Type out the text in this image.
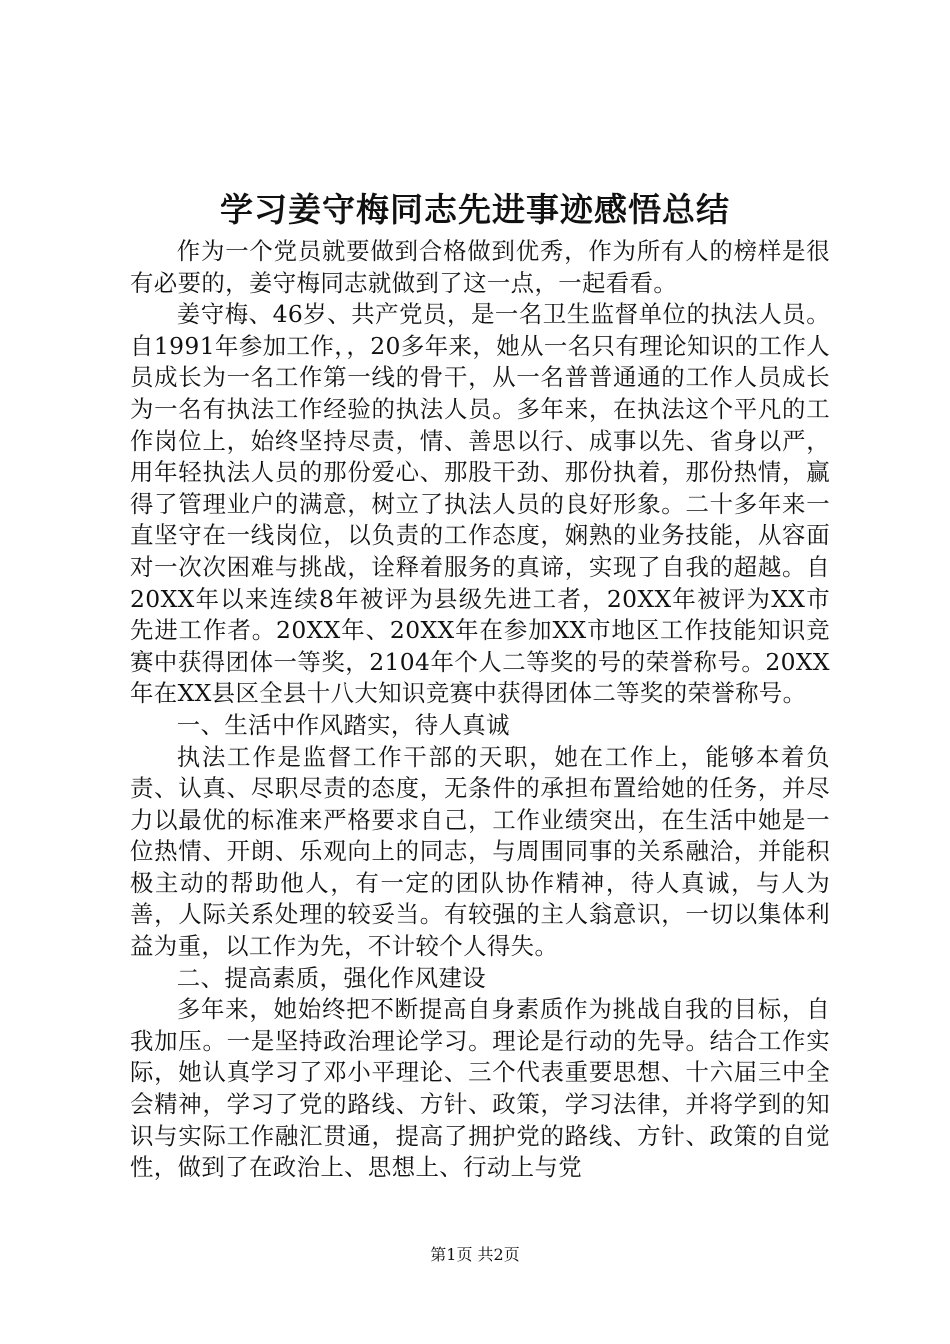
学习姜守梅同志先进事迹感悟总结

作为一个党员就要做到合格做到优秀，作为所有人的榜样是很有必要的，姜守梅同志就做到了这一点，一起看看。

姜守梅、46岁、共产党员，是一名卫生监督单位的执法人员。自1991年参加工作，，20多年来，她从一名只有理论知识的工作人员成长为一名工作第一线的骨干，从一名普普通通的工作人员成长为一名有执法工作经验的执法人员。多年来，在执法这个平凡的工作岗位上，始终坚持尽责，情、善思以行、成事以先、省身以严，用年轻执法人员的那份爱心、那股干劲、那份执着，那份热情，赢得了管理业户的满意，树立了执法人员的良好形象。二十多年来一直坚守在一线岗位，以负责的工作态度，娴熟的业务技能，从容面对一次次困难与挑战，诠释着服务的真谛，实现了自我的超越。自20XX年以来连续8年被评为县级先进工者，20XX年被评为XX市先进工作者。20XX年、20XX年在参加XX市地区工作技能知识竞赛中获得团体一等奖，2104年个人二等奖的号的荣誉称号。20XX年在XX县区全县十八大知识竞赛中获得团体二等奖的荣誉称号。

一、生活中作风踏实，待人真诚

执法工作是监督工作干部的天职，她在工作上，能够本着负责、认真、尽职尽责的态度，无条件的承担布置给她的任务，并尽力以最优的标准来严格要求自己，工作业绩突出，在生活中她是一位热情、开朗、乐观向上的同志，与周围同事的关系融洽，并能积极主动的帮助他人，有一定的团队协作精神，待人真诚，与人为善，人际关系处理的较妥当。有较强的主人翁意识，一切以集体利益为重，以工作为先，不计较个人得失。

二、提高素质，强化作风建设

多年来，她始终把不断提高自身素质作为挑战自我的目标，自我加压。一是坚持政治理论学习。理论是行动的先导。结合工作实际，她认真学习了邓小平理论、三个代表重要思想、十六届三中全会精神，学习了党的路线、方针、政策，学习法律，并将学到的知识与实际工作融汇贯通，提高了拥护党的路线、方针、政策的自觉性，做到了在政治上、思想上、行动上与党

第1页 共2页
